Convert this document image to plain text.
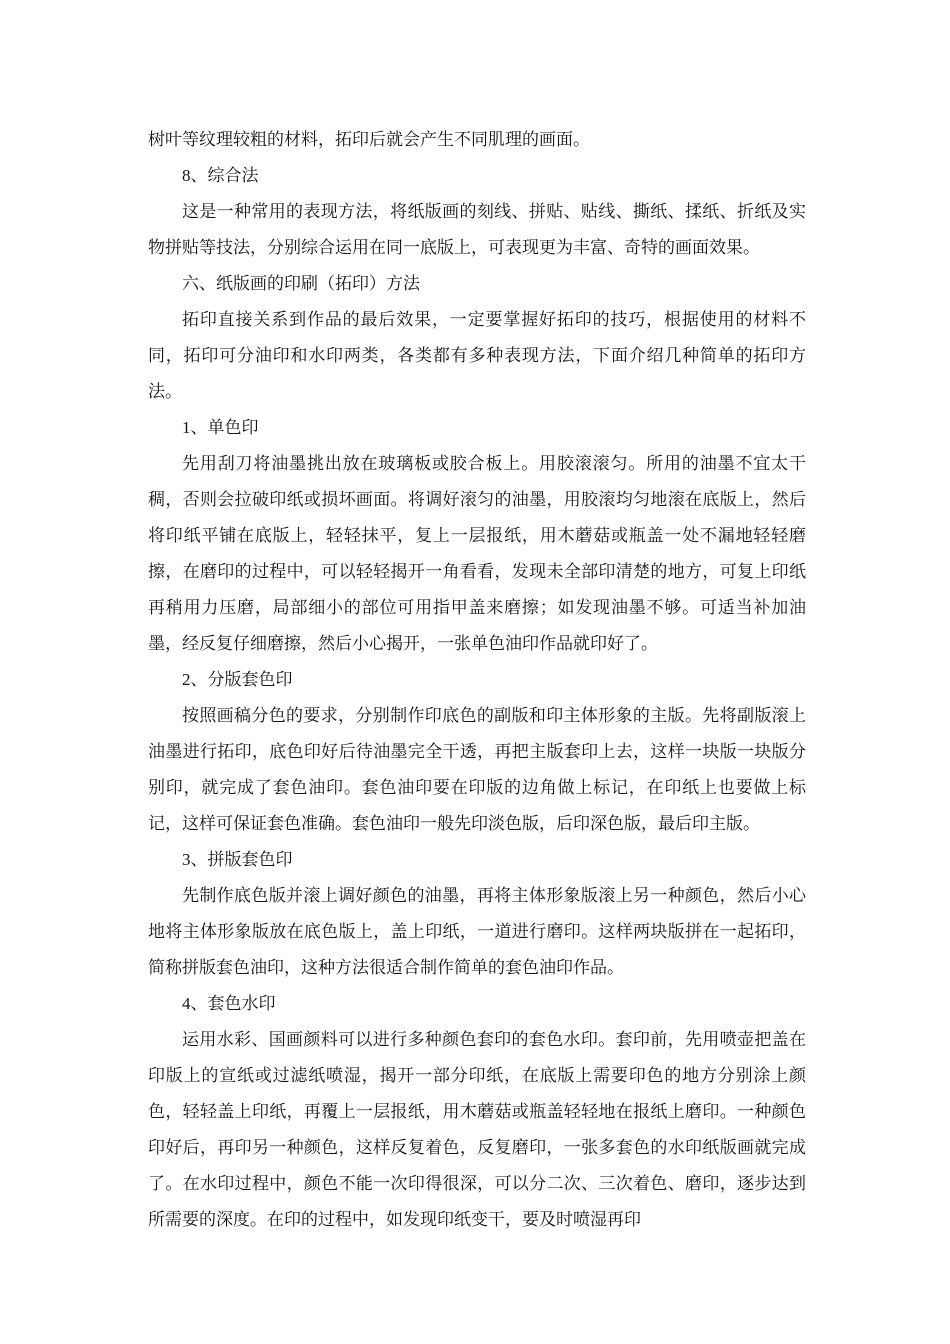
树叶等纹理较粗的材料，拓印后就会产生不同肌理的画面。

8、综合法

这是一种常用的表现方法，将纸版画的刻线、拼贴、贴线、撕纸、揉纸、折纸及实物拼贴等技法，分别综合运用在同一底版上，可表现更为丰富、奇特的画面效果。

六、纸版画的印刷（拓印）方法

拓印直接关系到作品的最后效果，一定要掌握好拓印的技巧，根据使用的材料不同，拓印可分油印和水印两类，各类都有多种表现方法，下面介绍几种简单的拓印方法。

1、单色印

先用刮刀将油墨挑出放在玻璃板或胶合板上。用胶滚滚匀。所用的油墨不宜太干稠，否则会拉破印纸或损坏画面。将调好滚匀的油墨，用胶滚均匀地滚在底版上，然后将印纸平铺在底版上，轻轻抹平，复上一层报纸，用木蘑菇或瓶盖一处不漏地轻轻磨擦，在磨印的过程中，可以轻轻揭开一角看看，发现未全部印清楚的地方，可复上印纸再稍用力压磨，局部细小的部位可用指甲盖来磨擦；如发现油墨不够。可适当补加油墨，经反复仔细磨擦，然后小心揭开，一张单色油印作品就印好了。

2、分版套色印

按照画稿分色的要求，分别制作印底色的副版和印主体形象的主版。先将副版滚上油墨进行拓印，底色印好后待油墨完全干透，再把主版套印上去，这样一块版一块版分别印，就完成了套色油印。套色油印要在印版的边角做上标记，在印纸上也要做上标记，这样可保证套色准确。套色油印一般先印淡色版，后印深色版，最后印主版。

3、拼版套色印

先制作底色版并滚上调好颜色的油墨，再将主体形象版滚上另一种颜色，然后小心地将主体形象版放在底色版上，盖上印纸，一道进行磨印。这样两块版拼在一起拓印，简称拼版套色油印，这种方法很适合制作简单的套色油印作品。

4、套色水印

运用水彩、国画颜料可以进行多种颜色套印的套色水印。套印前，先用喷壶把盖在印版上的宣纸或过滤纸喷湿，揭开一部分印纸，在底版上需要印色的地方分别涂上颜色，轻轻盖上印纸，再覆上一层报纸，用木蘑菇或瓶盖轻轻地在报纸上磨印。一种颜色印好后，再印另一种颜色，这样反复着色，反复磨印，一张多套色的水印纸版画就完成了。在水印过程中，颜色不能一次印得很深，可以分二次、三次着色、磨印，逐步达到所需要的深度。在印的过程中，如发现印纸变干，要及时喷湿再印
